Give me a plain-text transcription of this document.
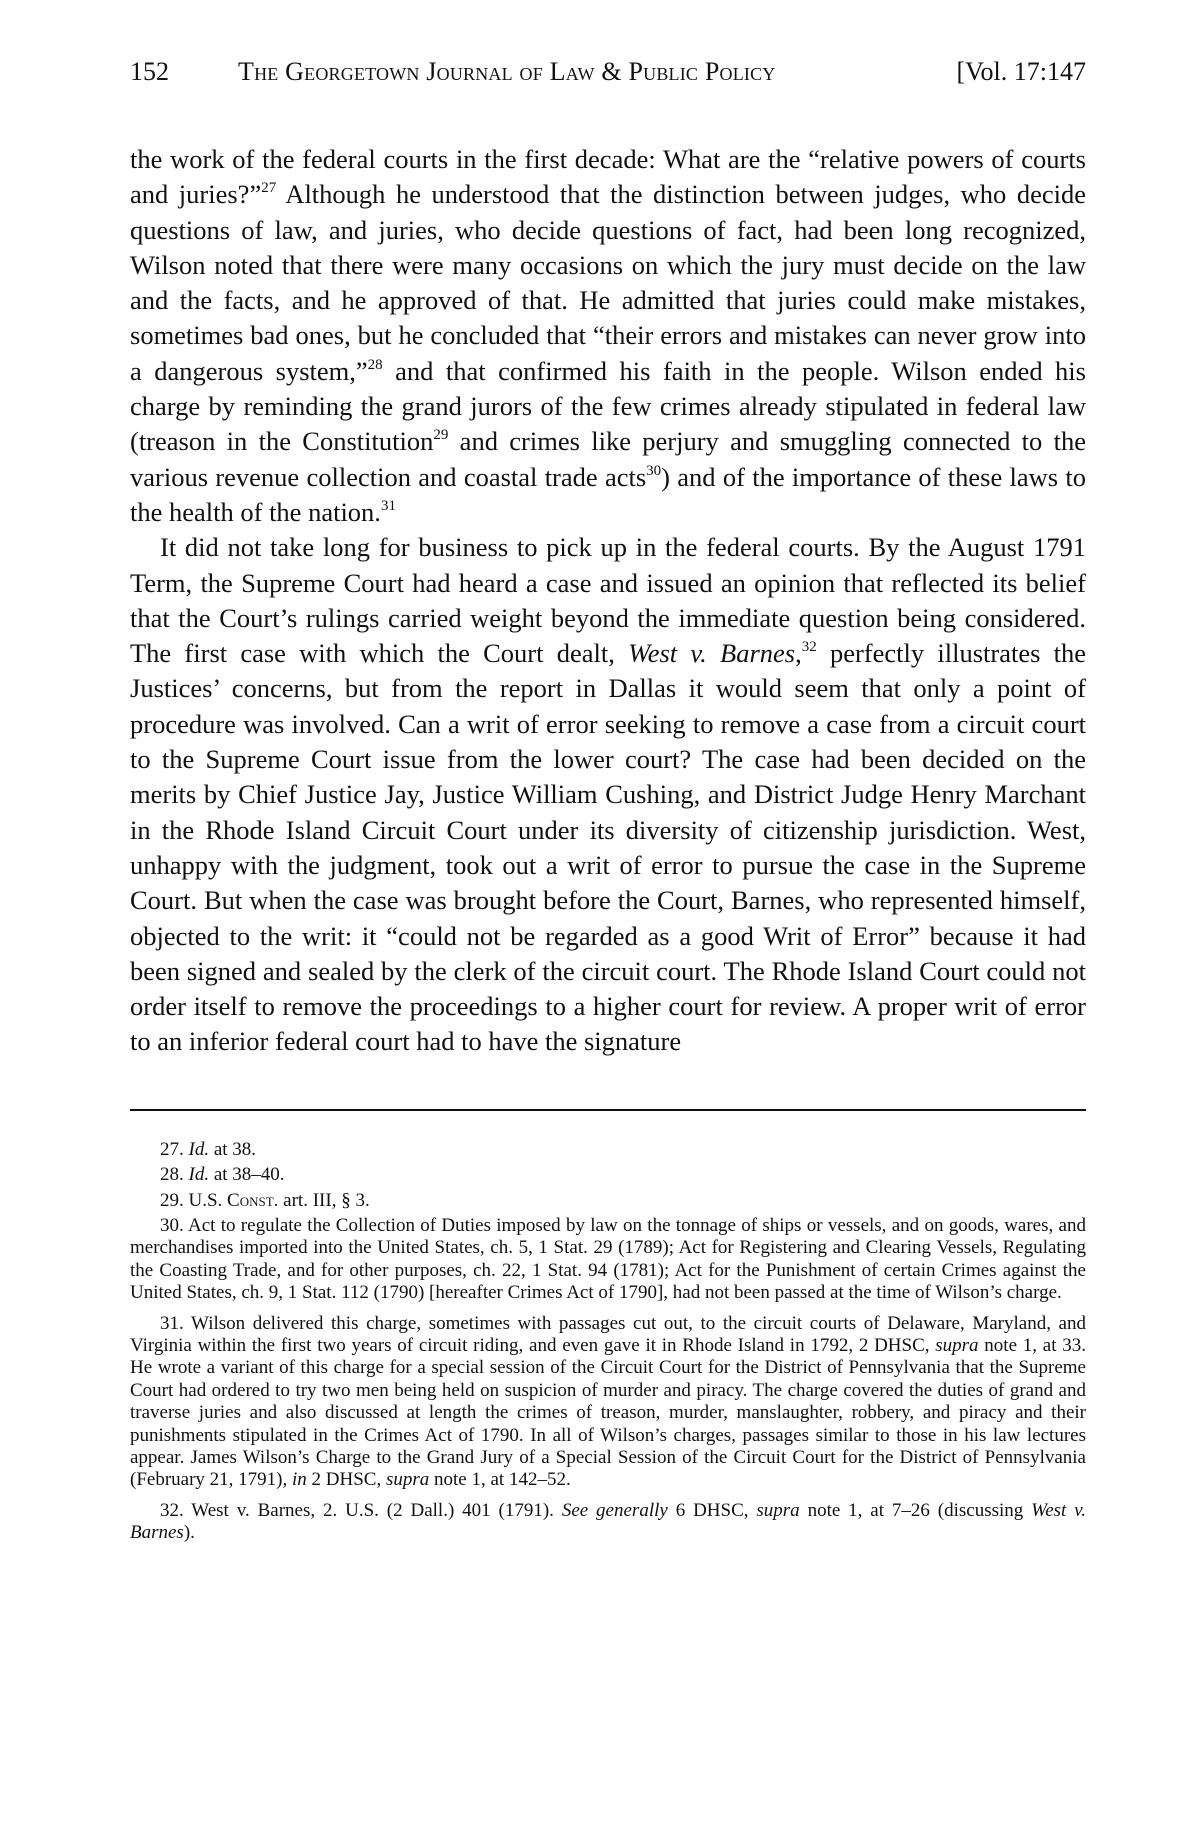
152	The Georgetown Journal of Law & Public Policy	[Vol. 17:147

the work of the federal courts in the first decade: What are the “relative powers of courts and juries?”$^{27}$ Although he understood that the distinction between judges, who decide questions of law, and juries, who decide questions of fact, had been long recognized, Wilson noted that there were many occasions on which the jury must decide on the law and the facts, and he approved of that. He admitted that juries could make mistakes, sometimes bad ones, but he concluded that “their errors and mistakes can never grow into a dangerous system,”$^{28}$ and that confirmed his faith in the people. Wilson ended his charge by reminding the grand jurors of the few crimes already stipulated in federal law (treason in the Constitution$^{29}$ and crimes like perjury and smuggling connected to the various revenue collection and coastal trade acts$^{30}$) and of the importance of these laws to the health of the nation.$^{31}$

It did not take long for business to pick up in the federal courts. By the August 1791 Term, the Supreme Court had heard a case and issued an opinion that reflected its belief that the Court’s rulings carried weight beyond the immediate question being considered. The first case with which the Court dealt, West v. Barnes,$^{32}$ perfectly illustrates the Justices’ concerns, but from the report in Dallas it would seem that only a point of procedure was involved. Can a writ of error seeking to remove a case from a circuit court to the Supreme Court issue from the lower court? The case had been decided on the merits by Chief Justice Jay, Justice William Cushing, and District Judge Henry Marchant in the Rhode Island Circuit Court under its diversity of citizenship jurisdiction. West, unhappy with the judgment, took out a writ of error to pursue the case in the Supreme Court. But when the case was brought before the Court, Barnes, who represented himself, objected to the writ: it “could not be regarded as a good Writ of Error” because it had been signed and sealed by the clerk of the circuit court. The Rhode Island Court could not order itself to remove the proceedings to a higher court for review. A proper writ of error to an inferior federal court had to have the signature

27. Id. at 38.

28. Id. at 38–40.

29. U.S. Const. art. III, § 3.

30. Act to regulate the Collection of Duties imposed by law on the tonnage of ships or vessels, and on goods, wares, and merchandises imported into the United States, ch. 5, 1 Stat. 29 (1789); Act for Registering and Clearing Vessels, Regulating the Coasting Trade, and for other purposes, ch. 22, 1 Stat. 94 (1781); Act for the Punishment of certain Crimes against the United States, ch. 9, 1 Stat. 112 (1790) [hereafter Crimes Act of 1790], had not been passed at the time of Wilson’s charge.

31. Wilson delivered this charge, sometimes with passages cut out, to the circuit courts of Delaware, Maryland, and Virginia within the first two years of circuit riding, and even gave it in Rhode Island in 1792, 2 DHSC, supra note 1, at 33. He wrote a variant of this charge for a special session of the Circuit Court for the District of Pennsylvania that the Supreme Court had ordered to try two men being held on suspicion of murder and piracy. The charge covered the duties of grand and traverse juries and also discussed at length the crimes of treason, murder, manslaughter, robbery, and piracy and their punishments stipulated in the Crimes Act of 1790. In all of Wilson’s charges, passages similar to those in his law lectures appear. James Wilson’s Charge to the Grand Jury of a Special Session of the Circuit Court for the District of Pennsylvania (February 21, 1791), in 2 DHSC, supra note 1, at 142–52.

32. West v. Barnes, 2. U.S. (2 Dall.) 401 (1791). See generally 6 DHSC, supra note 1, at 7–26 (discussing West v. Barnes).
